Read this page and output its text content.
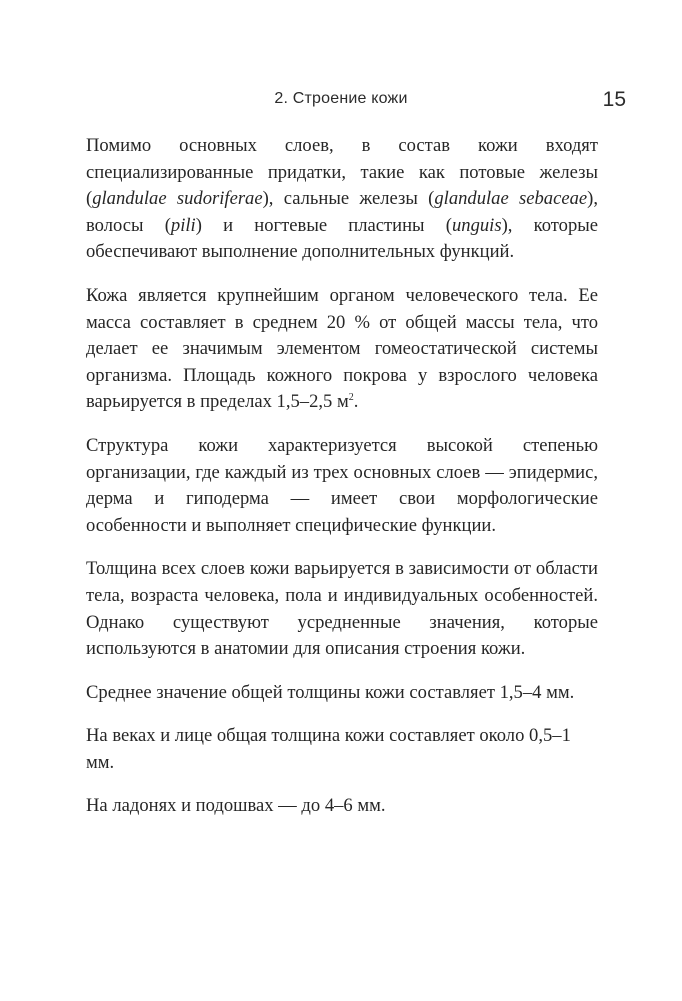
2. Строение кожи	15

Помимо основных слоев, в состав кожи входят специализированные придатки, такие как потовые железы (glandulae sudoriferae), сальные железы (glandulae sebaceae), волосы (pili) и ногтевые пластины (unguis), которые обеспечивают выполнение дополнительных функций.

Кожа является крупнейшим органом человеческого тела. Ее масса составляет в среднем 20 % от общей массы тела, что делает ее значимым элементом гомеостатической системы организма. Площадь кожного покрова у взрослого человека варьируется в пределах 1,5–2,5 $м^2$.

Структура кожи характеризуется высокой степенью организации, где каждый из трех основных слоев — эпидермис, дерма и гиподерма — имеет свои морфологические особенности и выполняет специфические функции.

Толщина всех слоев кожи варьируется в зависимости от области тела, возраста человека, пола и индивидуальных особенностей. Однако существуют усредненные значения, которые используются в анатомии для описания строения кожи.

Среднее значение общей толщины кожи составляет 1,5–4 мм.

На веках и лице общая толщина кожи составляет около 0,5–1 мм.

На ладонях и подошвах — до 4–6 мм.
